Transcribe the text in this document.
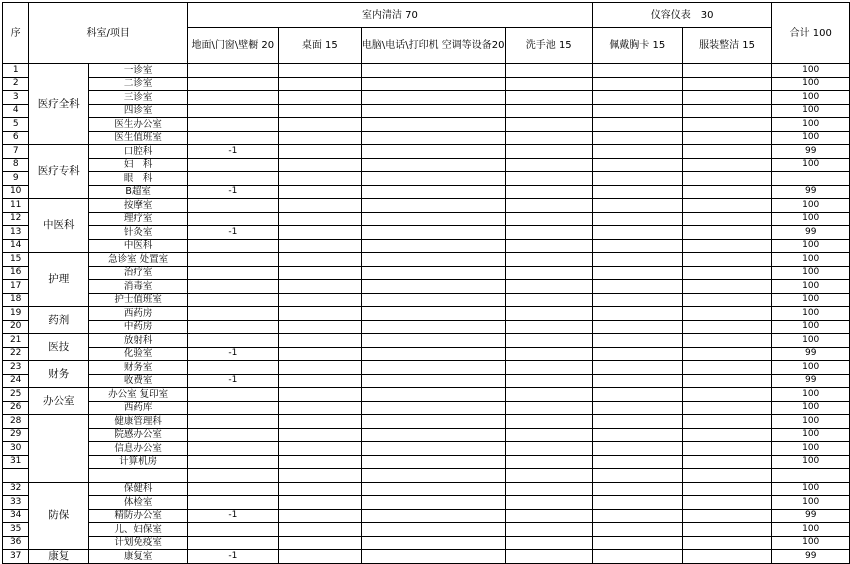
序	科室/项目		室内清洁 70				仪容仪表　30		合计 100
			地面\门窗\壁橱 20	桌面 15	电脑\电话\打印机 空调等设备20	洗手池 15	佩戴胸卡 15	服装整洁 15	
1	医疗全科	一诊室							100
2		二诊室							100
3		三诊室							100
4		四诊室							100
5		医生办公室							100
6		医生值班室							100
7	医疗专科	口腔科	-1						99
8		妇　科							100
9		眼　科							
10		B超室	-1						99
11	中医科	按摩室							100
12		理疗室							100
13		针灸室	-1						99
14		中医科							100
15	护理	急诊室 处置室							100
16		治疗室							100
17		消毒室							100
18		护士值班室							100
19	药剂	西药房							100
20		中药房							100
21	医技	放射科							100
22		化验室	-1						99
23	财务	财务室							100
24		收费室	-1						99
25	办公室	办公室 复印室							100
26		西药库							100
28		健康管理科							100
29		院感办公室							100
30		信息办公室							100
31		计算机房							100

32	防保	保健科							100
33		体检室							100
34		精防办公室	-1						99
35		儿、妇保室							100
36		计划免疫室							100
37	康复	康复室	-1						99
